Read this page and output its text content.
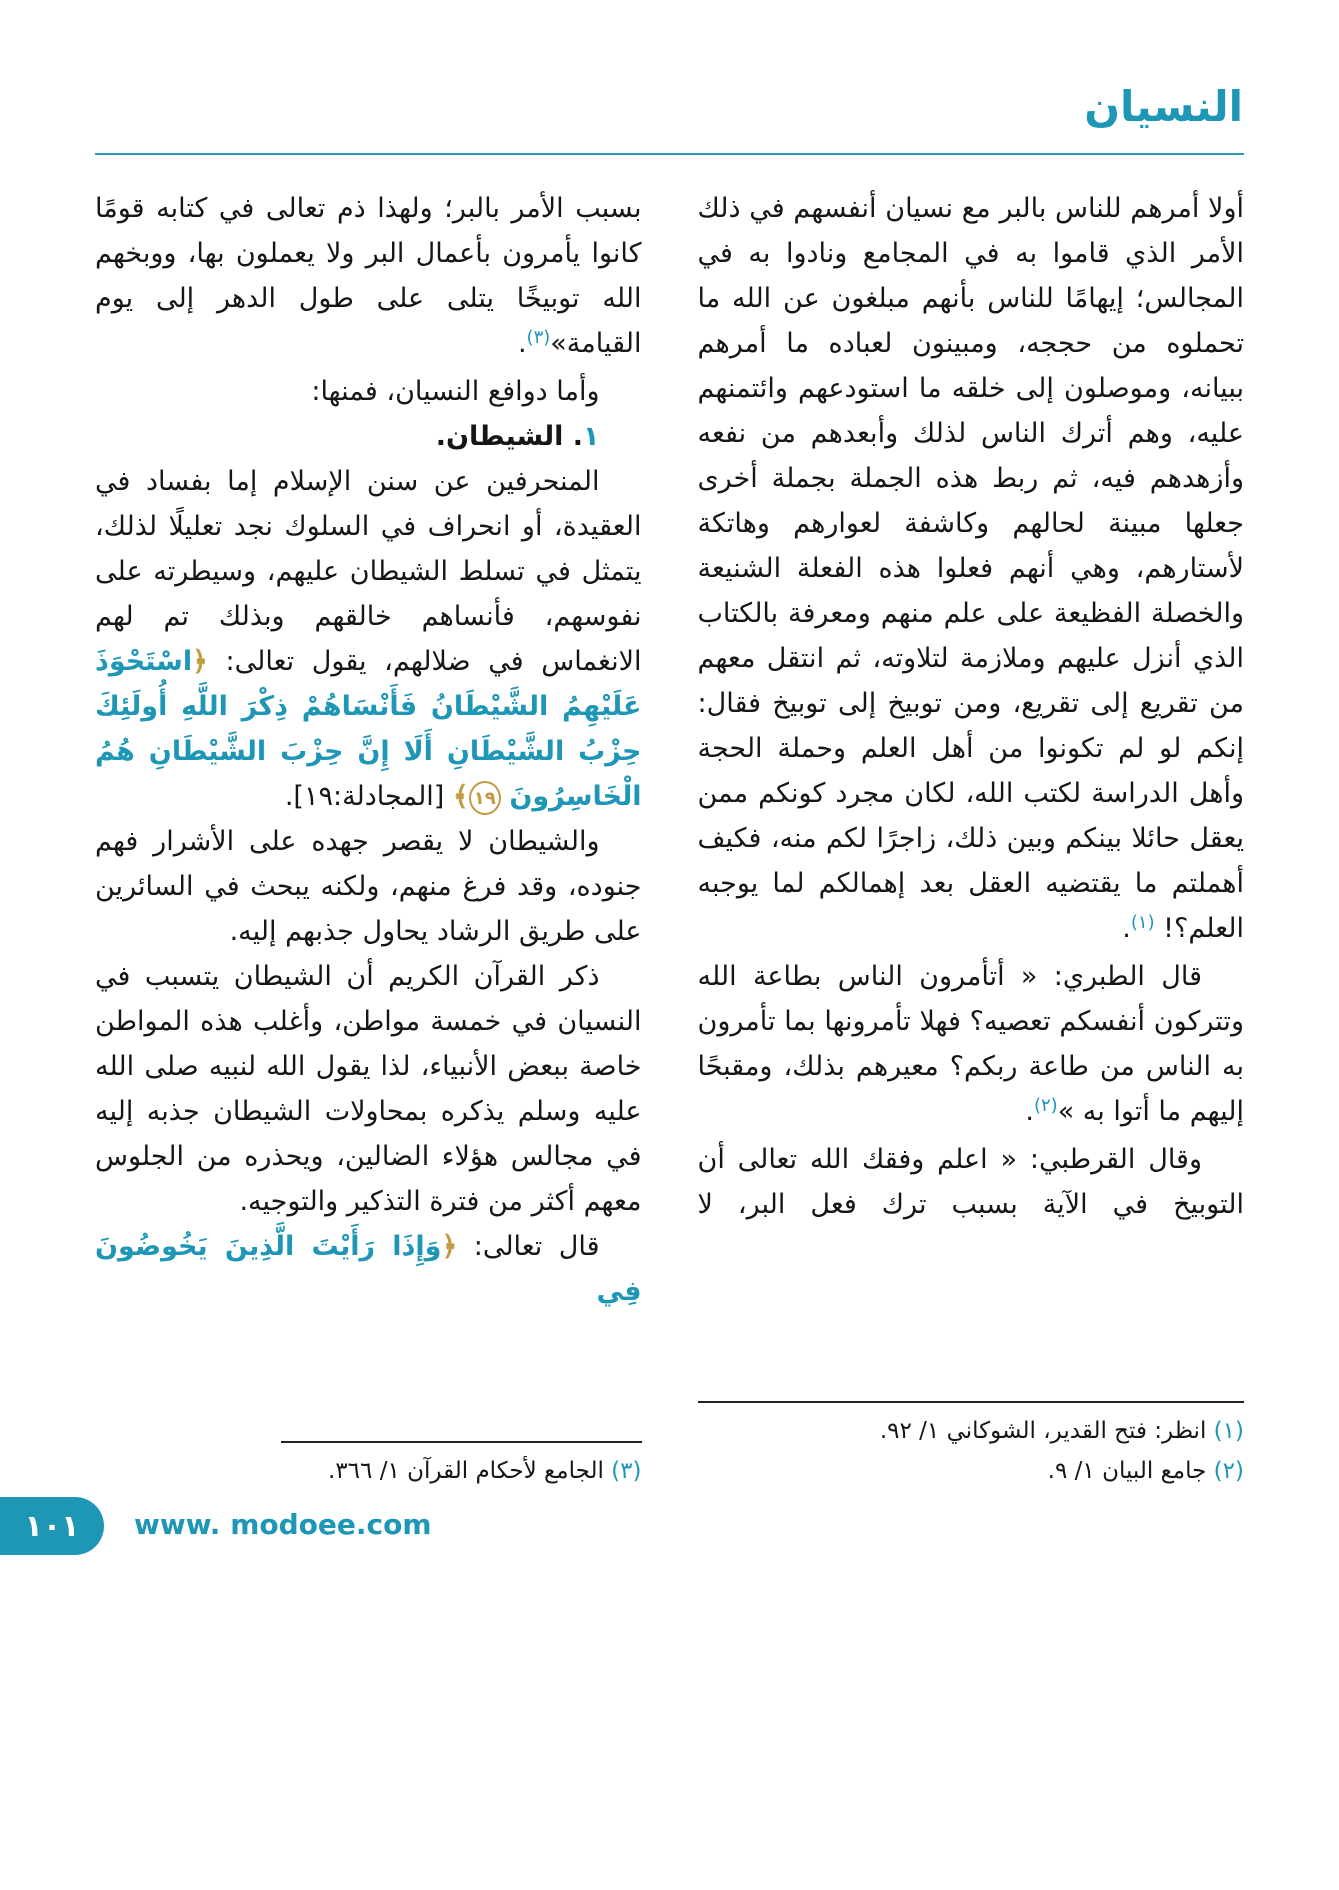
النسيان

أولا أمرهم للناس بالبر مع نسيان أنفسهم في ذلك الأمر الذي قاموا به في المجامع ونادوا به في المجالس؛ إيهامًا للناس بأنهم مبلغون عن الله ما تحملوه من حججه، ومبينون لعباده ما أمرهم ببيانه، وموصلون إلى خلقه ما استودعهم وائتمنهم عليه، وهم أترك الناس لذلك وأبعدهم من نفعه وأزهدهم فيه، ثم ربط هذه الجملة بجملة أخرى جعلها مبينة لحالهم وكاشفة لعوارهم وهاتكة لأستارهم، وهي أنهم فعلوا هذه الفعلة الشنيعة والخصلة الفظيعة على علم منهم ومعرفة بالكتاب الذي أنزل عليهم وملازمة لتلاوته، ثم انتقل معهم من تقريع إلى تقريع، ومن توبيخ إلى توبيخ فقال: إنكم لو لم تكونوا من أهل العلم وحملة الحجة وأهل الدراسة لكتب الله، لكان مجرد كونكم ممن يعقل حائلا بينكم وبين ذلك، زاجرًا لكم منه، فكيف أهملتم ما يقتضيه العقل بعد إهمالكم لما يوجبه العلم؟! $^{(١)}$.

قال الطبري: « أتأمرون الناس بطاعة الله وتتركون أنفسكم تعصيه؟ فهلا تأمرونها بما تأمرون به الناس من طاعة ربكم؟ معيرهم بذلك، ومقبحًا إليهم ما أتوا به »$^{(٢)}$.

وقال القرطبي: « اعلم وفقك الله تعالى أن التوبيخ في الآية بسبب ترك فعل البر، لا

(١) انظر: فتح القدير، الشوكاني ١/ ٩٢.
(٢) جامع البيان ١/ ٩.

بسبب الأمر بالبر؛ ولهذا ذم تعالى في كتابه قومًا كانوا يأمرون بأعمال البر ولا يعملون بها، ووبخهم الله توبيخًا يتلى على طول الدهر إلى يوم القيامة»$^{(٣)}$.

وأما دوافع النسيان، فمنها:

١. الشيطان.

المنحرفين عن سنن الإسلام إما بفساد في العقيدة، أو انحراف في السلوك نجد تعليلًا لذلك، يتمثل في تسلط الشيطان عليهم، وسيطرته على نفوسهم، فأنساهم خالقهم وبذلك تم لهم الانغماس في ضلالهم، يقول تعالى: ﴿اسْتَحْوَذَ عَلَيْهِمُ الشَّيْطَانُ فَأَنْسَاهُمْ ذِكْرَ اللَّهِ أُولَئِكَ حِزْبُ الشَّيْطَانِ أَلَا إِنَّ حِزْبَ الشَّيْطَانِ هُمُ الْخَاسِرُونَ ١٩﴾ [المجادلة:١٩].

والشيطان لا يقصر جهده على الأشرار فهم جنوده، وقد فرغ منهم، ولكنه يبحث في السائرين على طريق الرشاد يحاول جذبهم إليه.

ذكر القرآن الكريم أن الشيطان يتسبب في النسيان في خمسة مواطن، وأغلب هذه المواطن خاصة ببعض الأنبياء، لذا يقول الله لنبيه صلى الله عليه وسلم يذكره بمحاولات الشيطان جذبه إليه في مجالس هؤلاء الضالين، ويحذره من الجلوس معهم أكثر من فترة التذكير والتوجيه.

قال تعالى: ﴿وَإِذَا رَأَيْتَ الَّذِينَ يَخُوضُونَ فِي

(٣) الجامع لأحكام القرآن ١/ ٣٦٦.
١٠١ www. modoee.com
